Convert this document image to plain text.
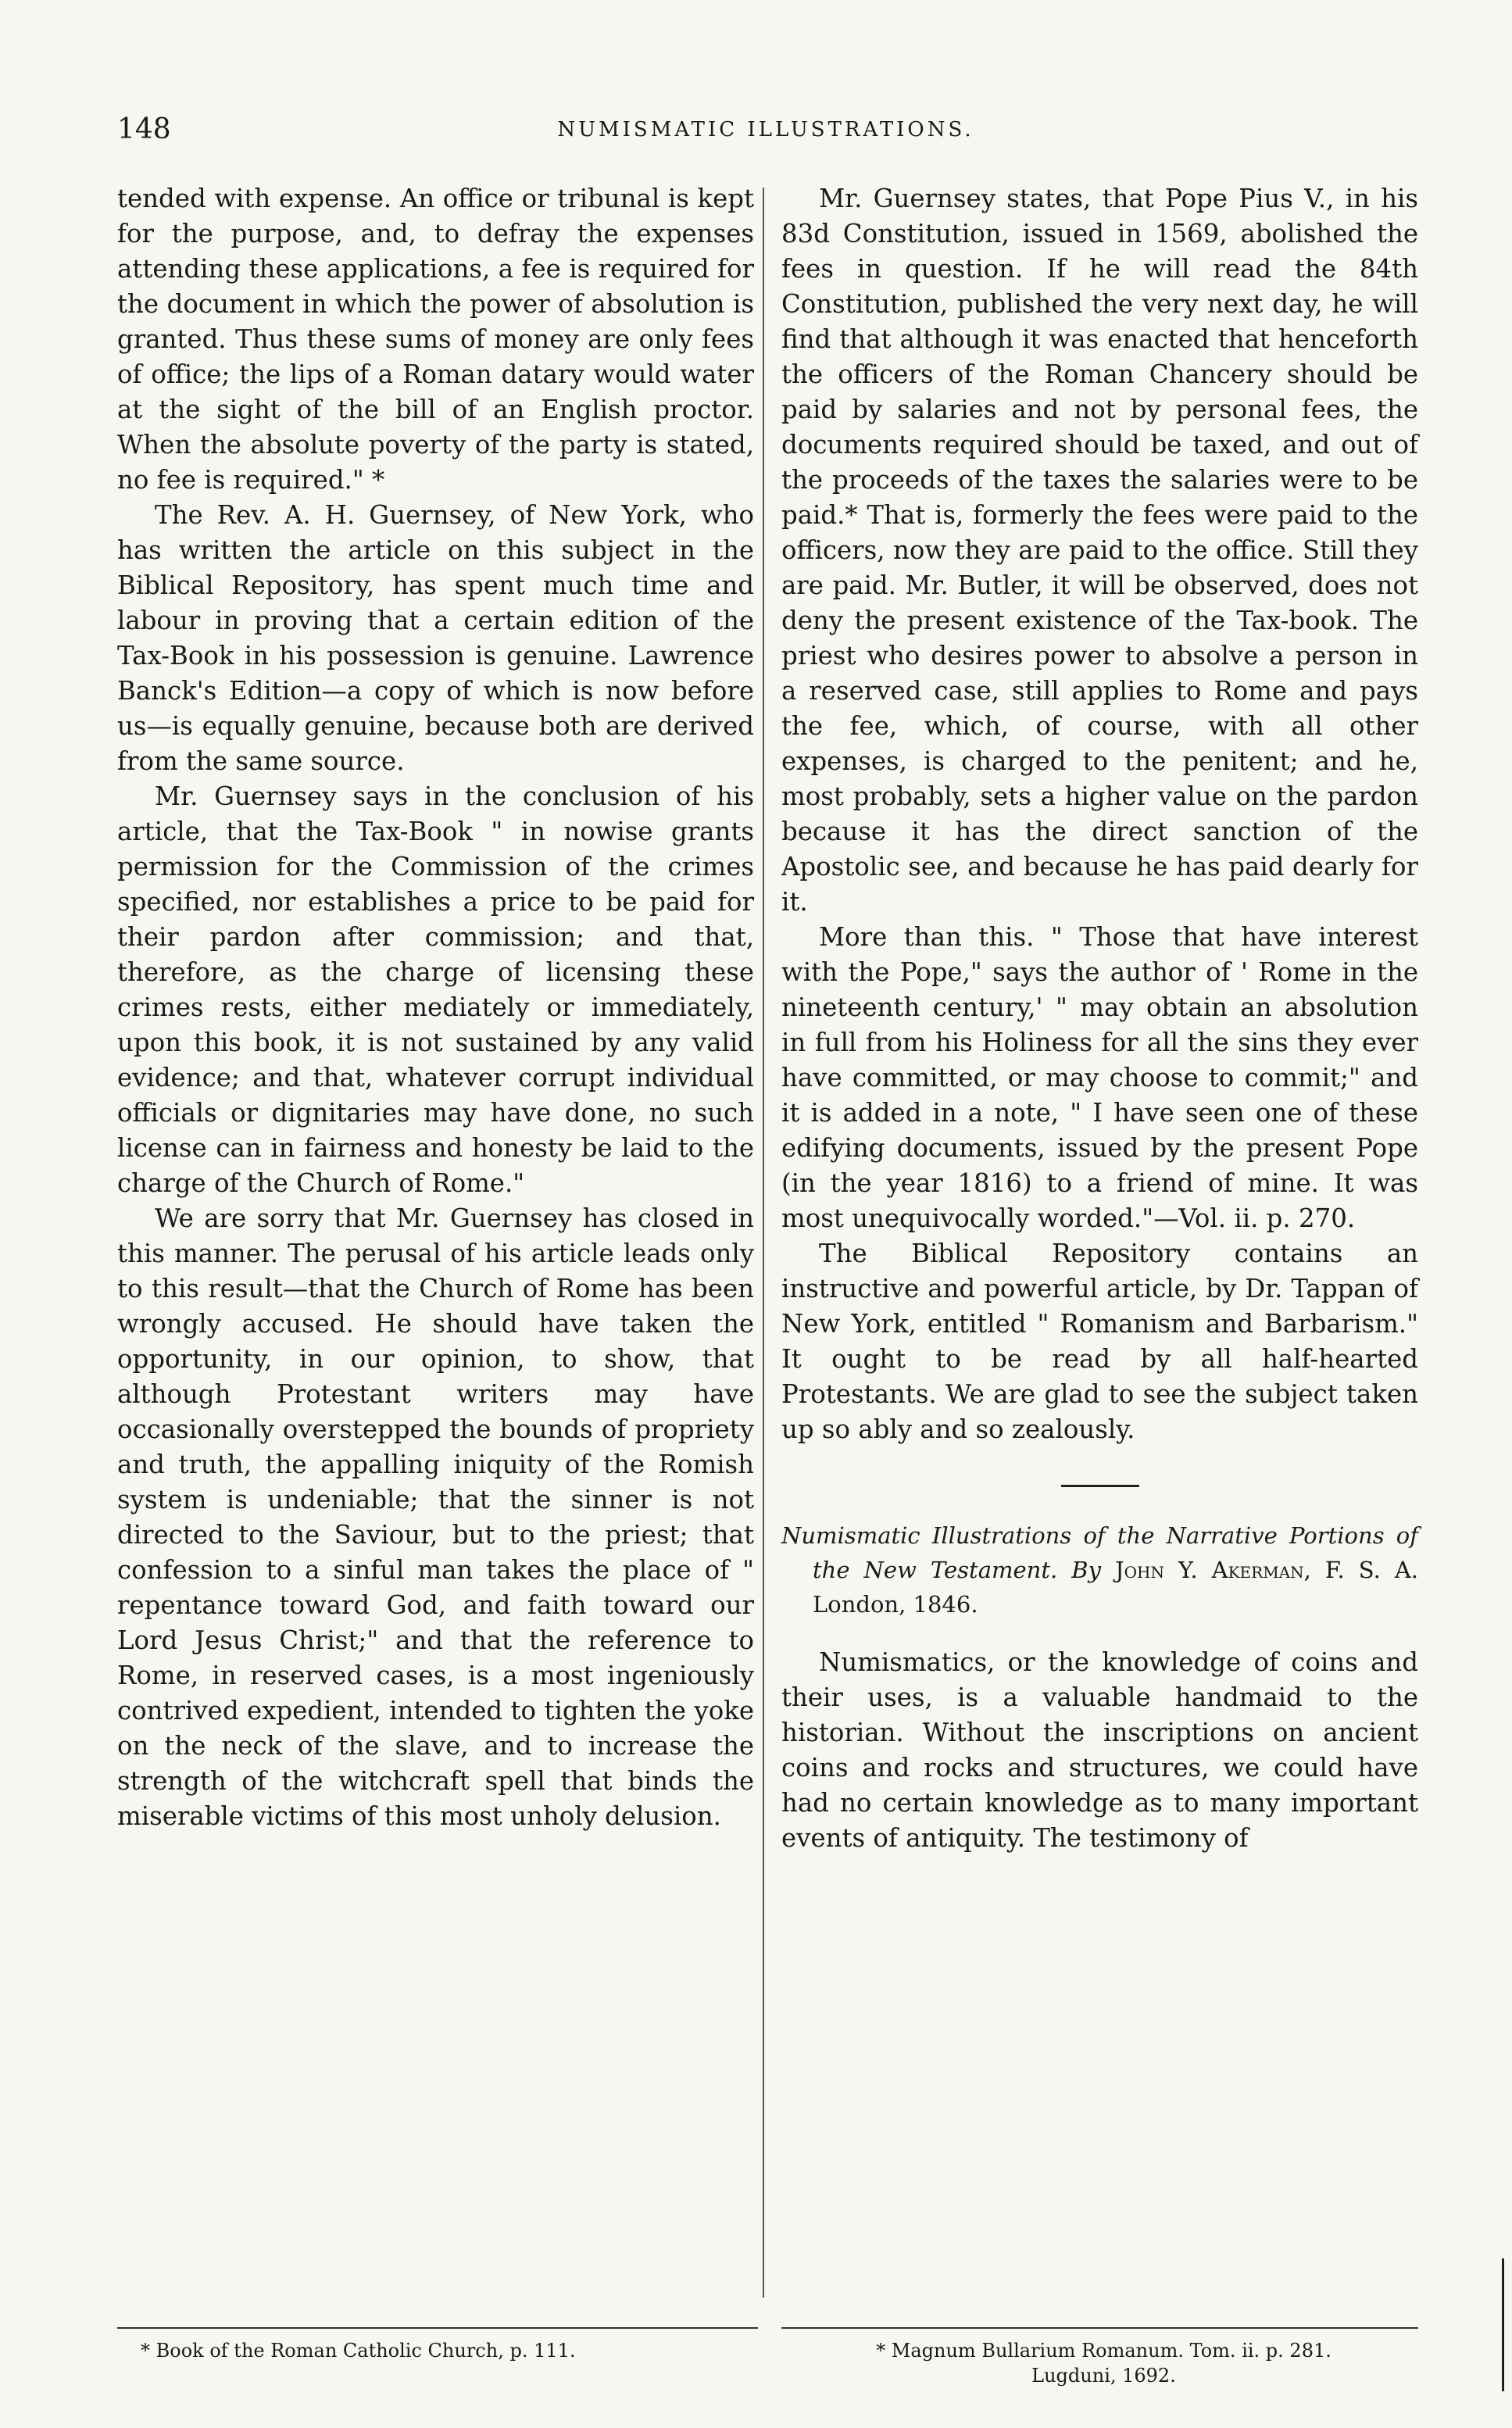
148	NUMISMATIC ILLUSTRATIONS.

tended with expense. An office or tribunal is kept for the purpose, and, to defray the expenses attending these applications, a fee is required for the document in which the power of absolution is granted. Thus these sums of money are only fees of office; the lips of a Roman datary would water at the sight of the bill of an English proctor. When the absolute poverty of the party is stated, no fee is required." *

The Rev. A. H. Guernsey, of New York, who has written the article on this subject in the Biblical Repository, has spent much time and labour in proving that a certain edition of the Tax-Book in his possession is genuine. Lawrence Banck's Edition—a copy of which is now before us—is equally genuine, because both are derived from the same source.

Mr. Guernsey says in the conclusion of his article, that the Tax-Book " in nowise grants permission for the Commission of the crimes specified, nor establishes a price to be paid for their pardon after commission; and that, therefore, as the charge of licensing these crimes rests, either mediately or immediately, upon this book, it is not sustained by any valid evidence; and that, whatever corrupt individual officials or dignitaries may have done, no such license can in fairness and honesty be laid to the charge of the Church of Rome."

We are sorry that Mr. Guernsey has closed in this manner. The perusal of his article leads only to this result—that the Church of Rome has been wrongly accused. He should have taken the opportunity, in our opinion, to show, that although Protestant writers may have occasionally overstepped the bounds of propriety and truth, the appalling iniquity of the Romish system is undeniable; that the sinner is not directed to the Saviour, but to the priest; that confession to a sinful man takes the place of " repentance toward God, and faith toward our Lord Jesus Christ;" and that the reference to Rome, in reserved cases, is a most ingeniously contrived expedient, intended to tighten the yoke on the neck of the slave, and to increase the strength of the witchcraft spell that binds the miserable victims of this most unholy delusion.

Mr. Guernsey states, that Pope Pius V., in his 83d Constitution, issued in 1569, abolished the fees in question. If he will read the 84th Constitution, published the very next day, he will find that although it was enacted that henceforth the officers of the Roman Chancery should be paid by salaries and not by personal fees, the documents required should be taxed, and out of the proceeds of the taxes the salaries were to be paid.* That is, formerly the fees were paid to the officers, now they are paid to the office. Still they are paid. Mr. Butler, it will be observed, does not deny the present existence of the Tax-book. The priest who desires power to absolve a person in a reserved case, still applies to Rome and pays the fee, which, of course, with all other expenses, is charged to the penitent; and he, most probably, sets a higher value on the pardon because it has the direct sanction of the Apostolic see, and because he has paid dearly for it.

More than this. " Those that have interest with the Pope," says the author of ' Rome in the nineteenth century,' " may obtain an absolution in full from his Holiness for all the sins they ever have committed, or may choose to commit;" and it is added in a note, " I have seen one of these edifying documents, issued by the present Pope (in the year 1816) to a friend of mine. It was most unequivocally worded."—Vol. ii. p. 270.

The Biblical Repository contains an instructive and powerful article, by Dr. Tappan of New York, entitled " Romanism and Barbarism." It ought to be read by all half-hearted Protestants. We are glad to see the subject taken up so ably and so zealously.

Numismatic Illustrations of the Narrative Portions of the New Testament. By John Y. Akerman, F. S. A. London, 1846.

Numismatics, or the knowledge of coins and their uses, is a valuable handmaid to the historian. Without the inscriptions on ancient coins and rocks and structures, we could have had no certain knowledge as to many important events of antiquity. The testimony of

* Book of the Roman Catholic Church, p. 111.	* Magnum Bullarium Romanum. Tom. ii. p. 281.
Lugduni, 1692.
